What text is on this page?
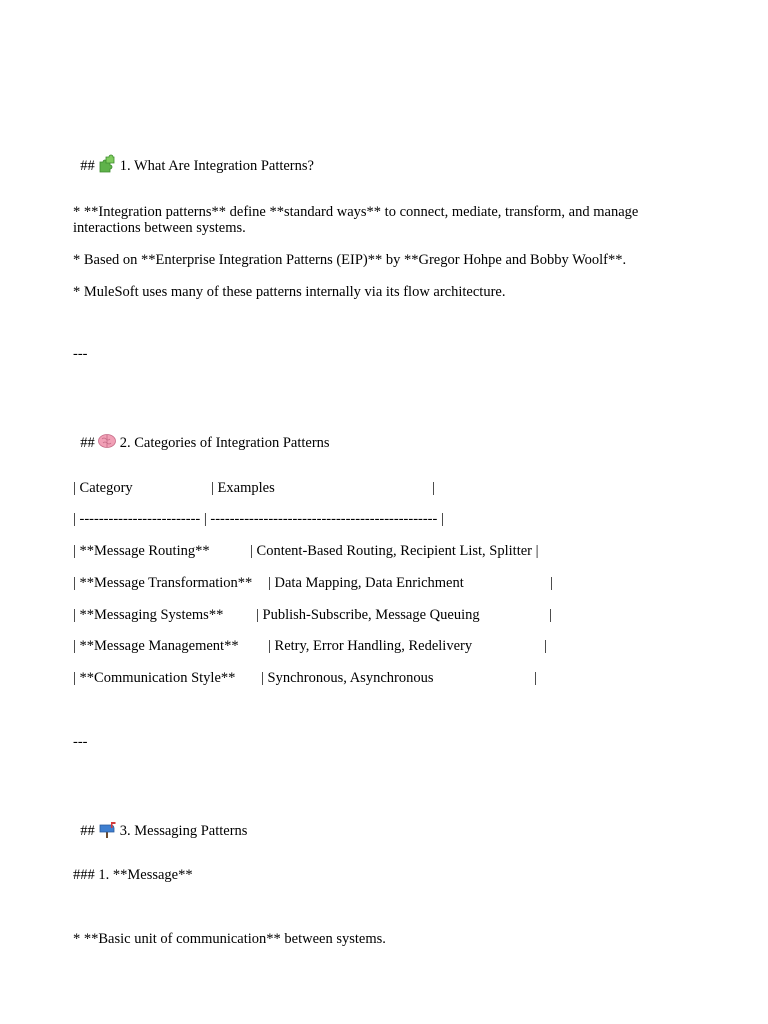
## 1. What Are Integration Patterns?

* **Integration patterns** define **standard ways** to connect, mediate, transform, and manage interactions between systems.
* Based on **Enterprise Integration Patterns (EIP)** by **Gregor Hohpe and Bobby Woolf**.
* MuleSoft uses many of these patterns internally via its flow architecture.
---

## 2. Categories of Integration Patterns

| Category	| Examples	|
| ------------------------- | ----------------------------------------------- |
| **Message Routing**	| Content-Based Routing, Recipient List, Splitter |
| **Message Transformation** | Data Mapping, Data Enrichment	|
| **Messaging Systems** | Publish-Subscribe, Message Queuing	|
| **Message Management** | Retry, Error Handling, Redelivery	|
| **Communication Style** | Synchronous, Asynchronous	|
---

## 3. Messaging Patterns

### 1. **Message**
* **Basic unit of communication** between systems.
